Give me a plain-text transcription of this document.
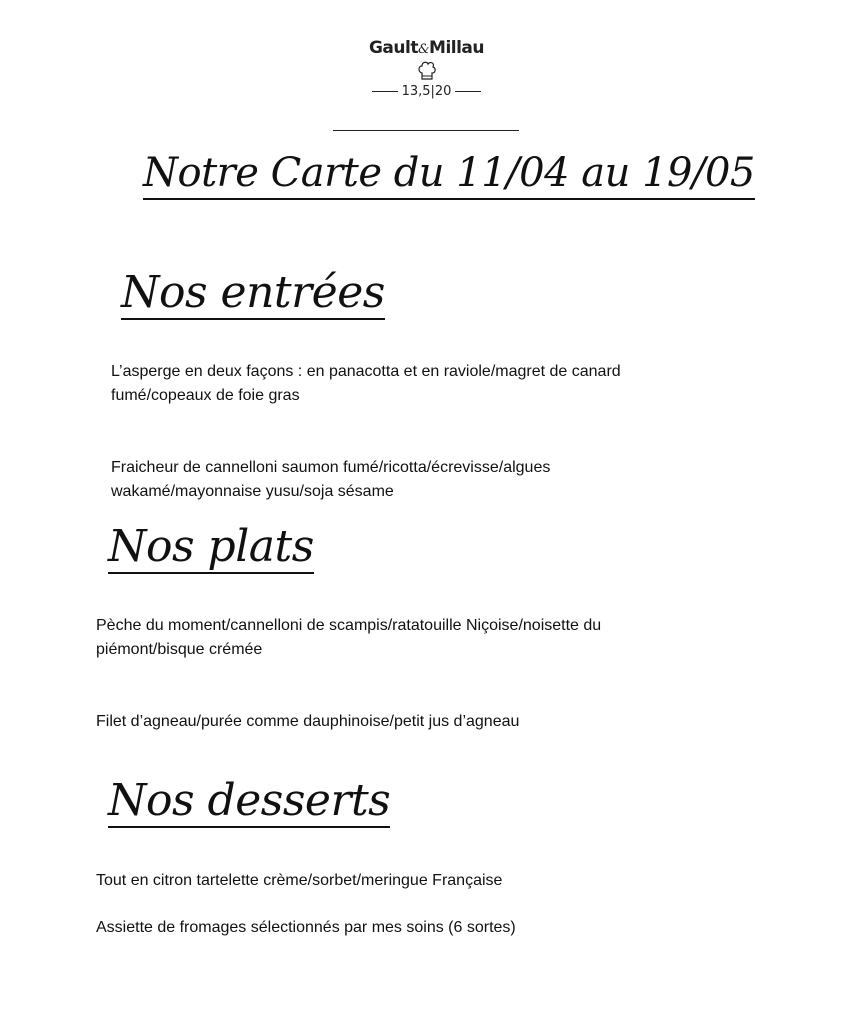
Gault&Millau
13,5|20
Notre Carte du 11/04 au 19/05
Nos entrées
L’asperge en deux façons : en panacotta et en raviole/magret de canard fumé/copeaux de foie gras
Fraicheur de cannelloni saumon fumé/ricotta/écrevisse/algues wakamé/mayonnaise yusu/soja sésame
Nos plats
Pèche du moment/cannelloni de scampis/ratatouille Niçoise/noisette du piémont/bisque crémée
Filet d’agneau/purée comme dauphinoise/petit jus d’agneau
Nos desserts
Tout en citron tartelette crème/sorbet/meringue Française
Assiette de fromages sélectionnés par mes soins (6 sortes)
